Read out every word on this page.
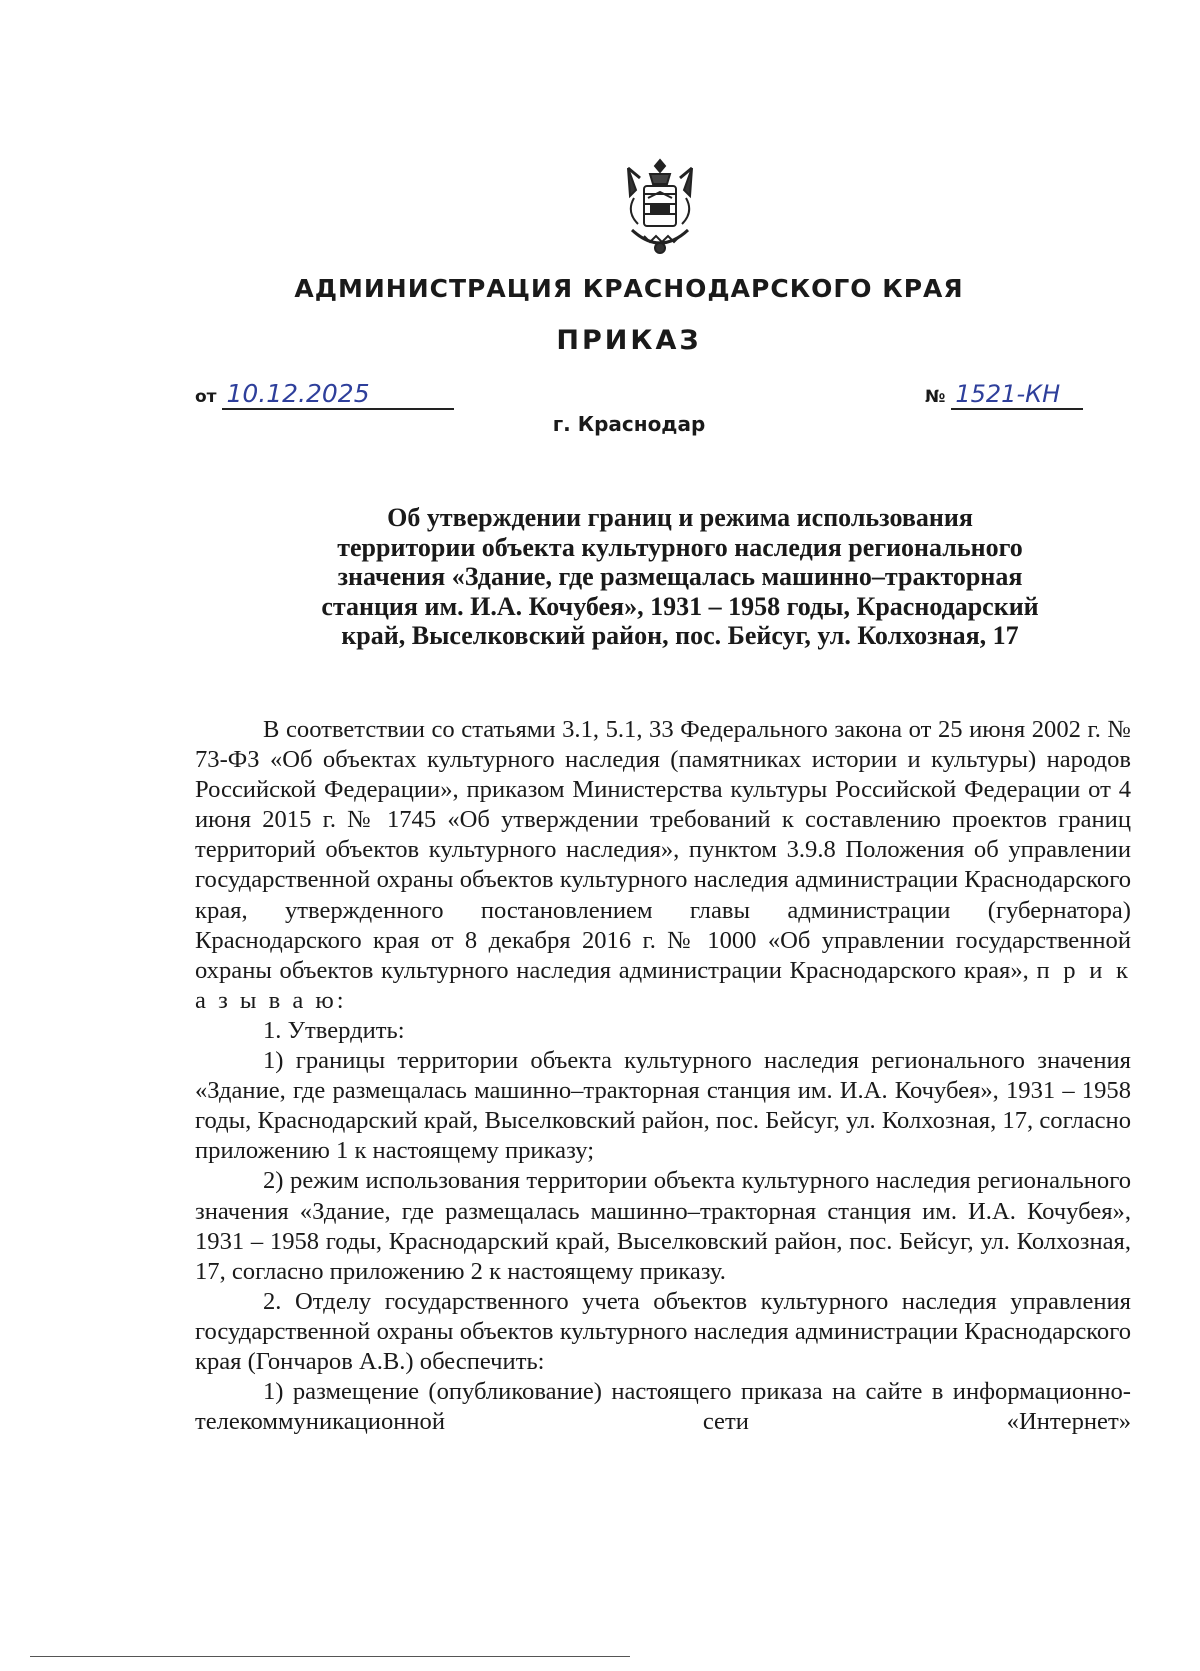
АДМИНИСТРАЦИЯ КРАСНОДАРСКОГО КРАЯ
ПРИКАЗ
от 10.12.2025	№ 1521-КН
г. Краснодар
Об утверждении границ и режима использования территории объекта культурного наследия регионального значения «Здание, где размещалась машинно–тракторная станция им. И.А. Кочубея», 1931 – 1958 годы, Краснодарский край, Выселковский район, пос. Бейсуг, ул. Колхозная, 17

В соответствии со статьями 3.1, 5.1, 33 Федерального закона от 25 июня 2002 г. № 73-ФЗ «Об объектах культурного наследия (памятниках истории и культуры) народов Российской Федерации», приказом Министерства культуры Российской Федерации от 4 июня 2015 г. № 1745 «Об утверждении требований к составлению проектов границ территорий объектов культурного наследия», пунктом 3.9.8 Положения об управлении государственной охраны объектов культурного наследия администрации Краснодарского края, утвержденного постановлением главы администрации (губернатора) Краснодарского края от 8 декабря 2016 г. № 1000 «Об управлении государственной охраны объектов культурного наследия администрации Краснодарского края», п р и к а з ы в а ю:

1. Утвердить:

1) границы территории объекта культурного наследия регионального значения «Здание, где размещалась машинно–тракторная станция им. И.А. Кочубея», 1931 – 1958 годы, Краснодарский край, Выселковский район, пос. Бейсуг, ул. Колхозная, 17, согласно приложению 1 к настоящему приказу;

2) режим использования территории объекта культурного наследия регионального значения «Здание, где размещалась машинно–тракторная станция им. И.А. Кочубея», 1931 – 1958 годы, Краснодарский край, Выселковский район, пос. Бейсуг, ул. Колхозная, 17, согласно приложению 2 к настоящему приказу.

2. Отделу государственного учета объектов культурного наследия управления государственной охраны объектов культурного наследия администрации Краснодарского края (Гончаров А.В.) обеспечить:

1) размещение (опубликование) настоящего приказа на сайте в информационно-телекоммуникационной сети «Интернет»
